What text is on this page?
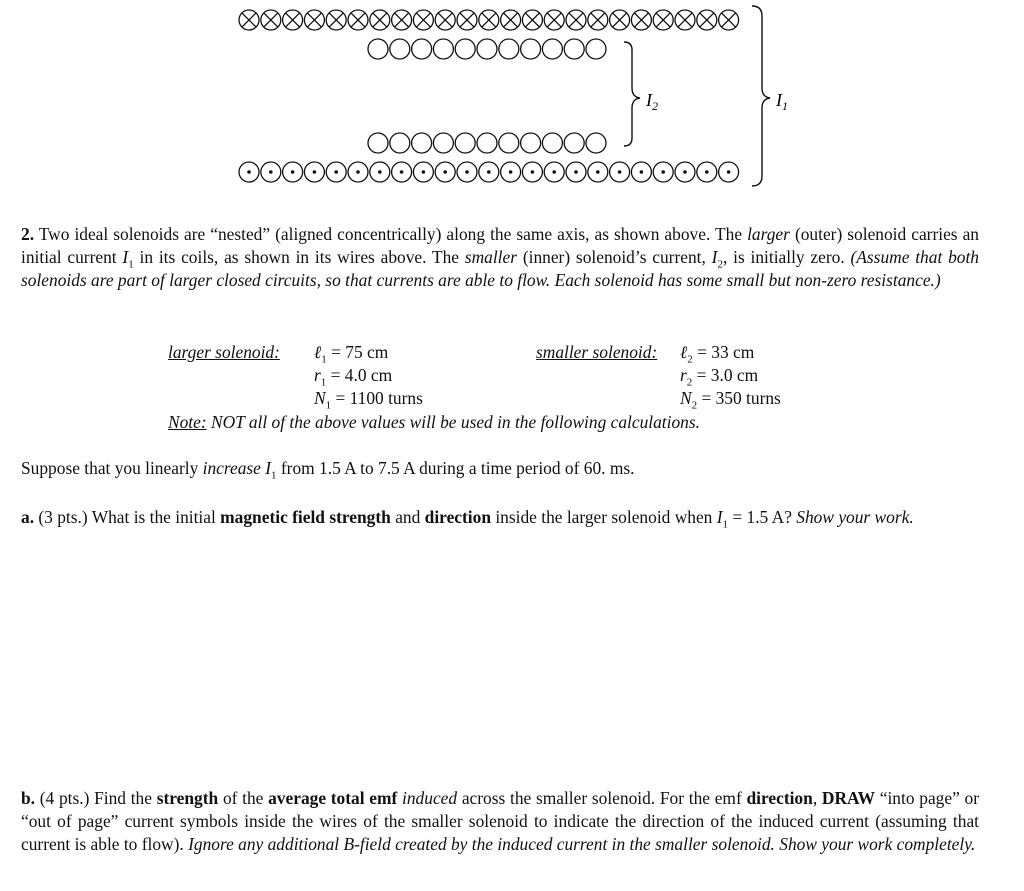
$I_2$	$I_1$
2. Two ideal solenoids are “nested” (aligned concentrically) along the same axis, as shown above. The larger (outer) solenoid carries an initial current $I_1$ in its coils, as shown in its wires above. The smaller (inner) solenoid’s current, $I_2$, is initially zero. (Assume that both solenoids are part of larger closed circuits, so that currents are able to flow. Each solenoid has some small but non-zero resistance.)
larger solenoid: ℓ$_1$ = 75 cm
$r_1 = 4.0$ cm
$N_1 = 1100$ turns
smaller solenoid: ℓ$_2$ = 33 cm
$r_2 = 3.0$ cm
$N_2 = 350$ turns
Note: NOT all of the above values will be used in the following calculations.
Suppose that you linearly increase $I_1$ from 1.5 A to 7.5 A during a time period of 60. ms.
a. (3 pts.) What is the initial magnetic field strength and direction inside the larger solenoid when $I_1 = 1.5$ A? Show your work.
b. (4 pts.) Find the strength of the average total emf induced across the smaller solenoid. For the emf direction, DRAW “into page” or “out of page” current symbols inside the wires of the smaller solenoid to indicate the direction of the induced current (assuming that current is able to flow). Ignore any additional B-field created by the induced current in the smaller solenoid. Show your work completely.
